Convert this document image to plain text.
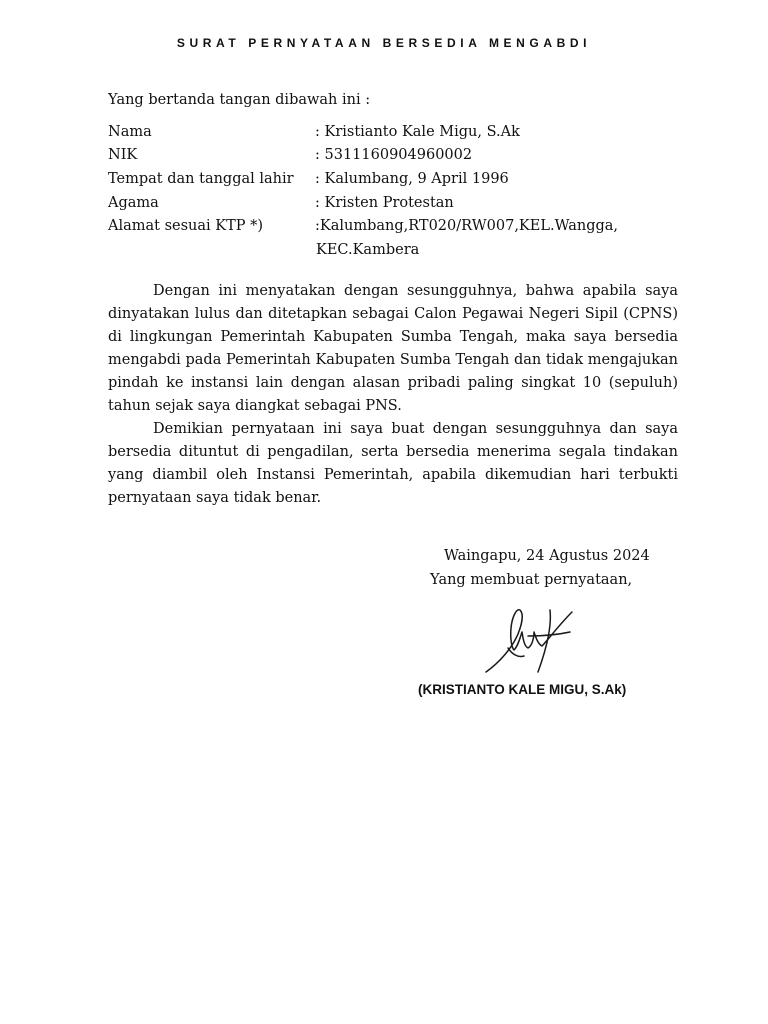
SURAT PERNYATAAN BERSEDIA MENGABDI
Yang bertanda tangan dibawah ini :
Nama	: Kristianto Kale Migu, S.Ak
NIK	: 5311160904960002
Tempat dan tanggal lahir : Kalumbang, 9 April 1996
Agama	: Kristen Protestan
Alamat sesuai KTP *)	:Kalumbang,RT020/RW007,KEL.Wangga,
KEC.Kambera

Dengan ini menyatakan dengan sesungguhnya, bahwa apabila saya dinyatakan lulus dan ditetapkan sebagai Calon Pegawai Negeri Sipil (CPNS) di lingkungan Pemerintah Kabupaten Sumba Tengah, maka saya bersedia mengabdi pada Pemerintah Kabupaten Sumba Tengah dan tidak mengajukan pindah ke instansi lain dengan alasan pribadi paling singkat 10 (sepuluh) tahun sejak saya diangkat sebagai PNS.

Demikian pernyataan ini saya buat dengan sesungguhnya dan saya bersedia dituntut di pengadilan, serta bersedia menerima segala tindakan yang diambil oleh Instansi Pemerintah, apabila dikemudian hari terbukti pernyataan saya tidak benar.

Waingapu, 24 Agustus 2024
Yang membuat pernyataan,
(KRISTIANTO KALE MIGU, S.Ak)
